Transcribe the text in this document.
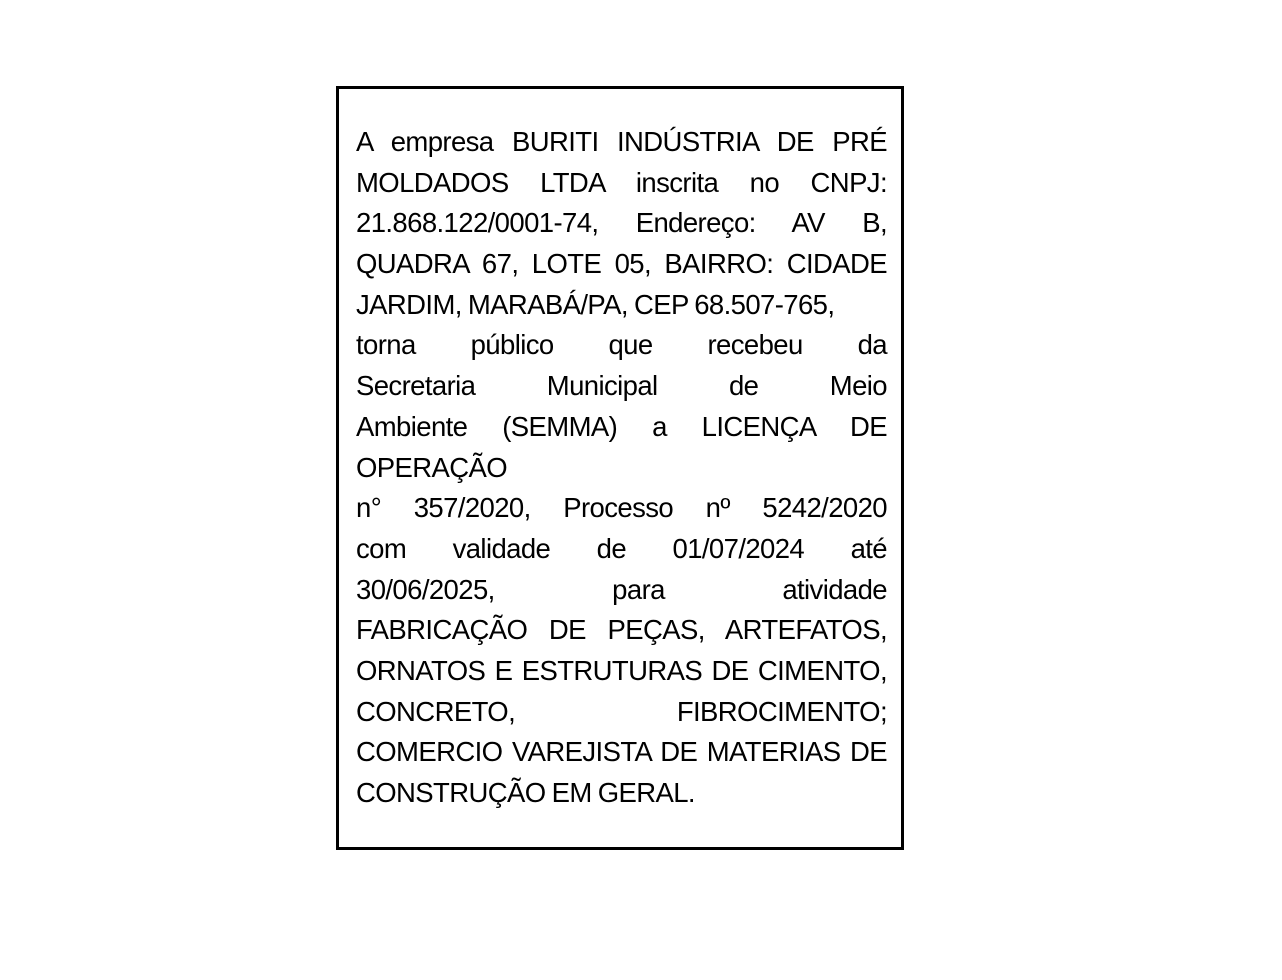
A empresa BURITI INDÚSTRIA DE PRÉ
MOLDADOS LTDA inscrita no CNPJ:
21.868.122/0001-74, Endereço: AV B,
QUADRA 67, LOTE 05, BAIRRO: CIDADE
JARDIM, MARABÁ/PA, CEP 68.507-765,
torna público que recebeu da
Secretaria Municipal de Meio
Ambiente (SEMMA) a LICENÇA DE
OPERAÇÃO
n° 357/2020, Processo nº 5242/2020
com validade de 01/07/2024 até
30/06/2025, para atividade
FABRICAÇÃO DE PEÇAS, ARTEFATOS,
ORNATOS E ESTRUTURAS DE CIMENTO,
CONCRETO, FIBROCIMENTO;
COMERCIO VAREJISTA DE MATERIAS DE
CONSTRUÇÃO EM GERAL.
